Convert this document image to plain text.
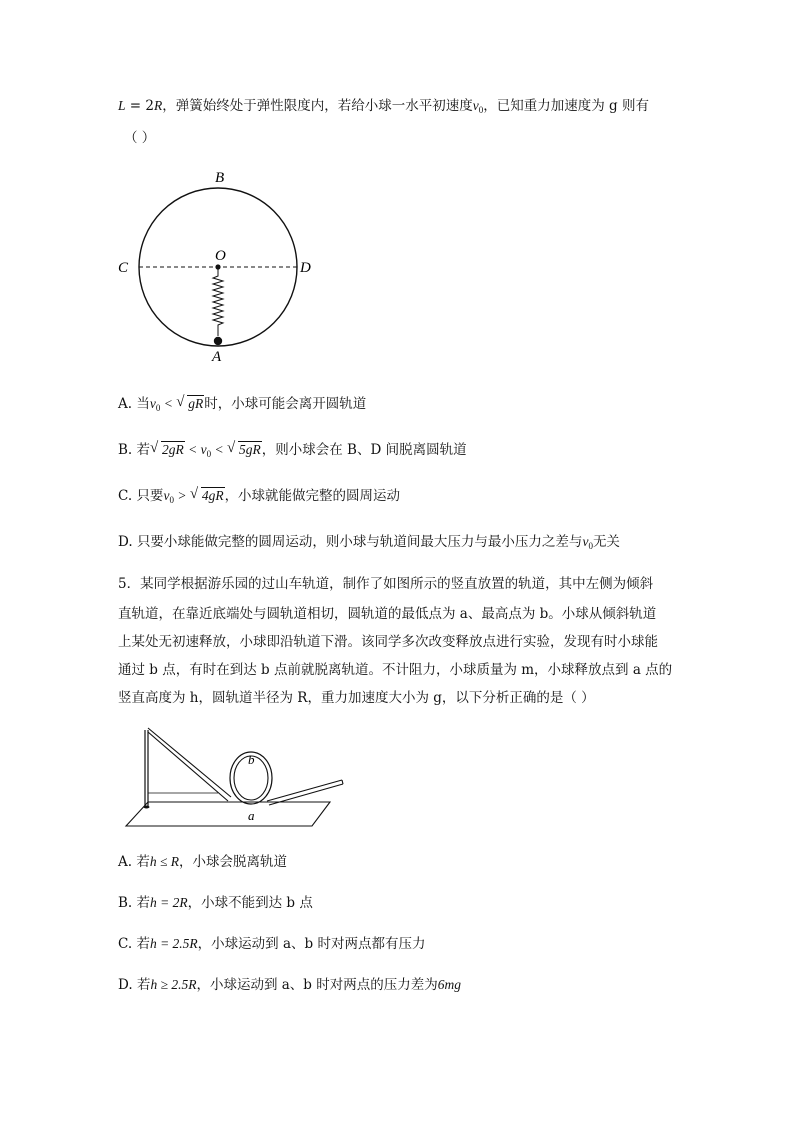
L = 2R，弹簧始终处于弹性限度内，若给小球一水平初速度$v_0$，已知重力加速度为 g 则有
（ ）
B
C
O
D
A
A. 当$v_0$ < √ gR时，小球可能会离开圆轨道
B. 若√ $2gR < v_0$ < √ 5gR，则小球会在 B、D 间脱离圆轨道
C. 只要$v_0$ > √ 4gR，小球就能做完整的圆周运动
D. 只要小球能做完整的圆周运动，则小球与轨道间最大压力与最小压力之差与$v_0$无关
5．某同学根据游乐园的过山车轨道，制作了如图所示的竖直放置的轨道，其中左侧为倾斜
直轨道，在靠近底端处与圆轨道相切，圆轨道的最低点为 a、最高点为 b。小球从倾斜轨道
上某处无初速释放，小球即沿轨道下滑。该同学多次改变释放点进行实验，发现有时小球能
通过 b 点，有时在到达 b 点前就脱离轨道。不计阻力，小球质量为 m，小球释放点到 a 点的
竖直高度为 h，圆轨道半径为 R，重力加速度大小为 g，以下分析正确的是（ ）
b
a
A. 若h ≤ R，小球会脱离轨道
B. 若h = 2R，小球不能到达 b 点
C. 若h = 2.5R，小球运动到 a、b 时对两点都有压力
D. 若h ≥ 2.5R，小球运动到 a、b 时对两点的压力差为6mg
